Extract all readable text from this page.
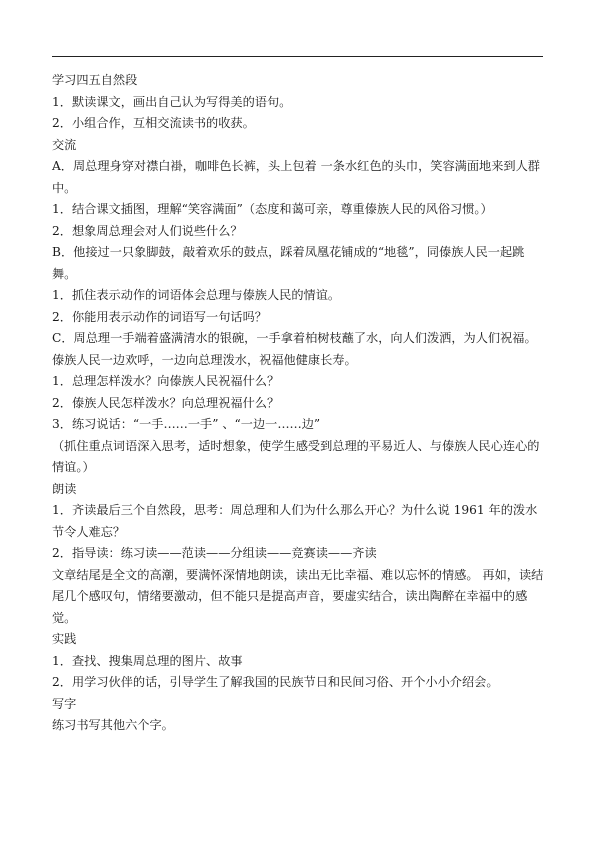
学习四五自然段

1．默读课文，画出自己认为写得美的语句。

2．小组合作，互相交流读书的收获。

交流

A．周总理身穿对襟白褂，咖啡色长裤，头上包着 一条水红色的头巾，笑容满面地来到人群中。

1．结合课文插图，理解“笑容满面”（态度和蔼可亲，尊重傣族人民的风俗习惯。）

2．想象周总理会对人们说些什么？

B．他接过一只象脚鼓，敲着欢乐的鼓点，踩着凤凰花铺成的“地毯”，同傣族人民一起跳舞。

1．抓住表示动作的词语体会总理与傣族人民的情谊。

2．你能用表示动作的词语写一句话吗？

C．周总理一手端着盛满清水的银碗，一手拿着柏树枝蘸了水，向人们泼洒，为人们祝福。傣族人民一边欢呼，一边向总理泼水，祝福他健康长寿。

1．总理怎样泼水？向傣族人民祝福什么？

2．傣族人民怎样泼水？向总理祝福什么？

3．练习说话：“一手……一手” 、“一边一……边”

（抓住重点词语深入思考，适时想象，使学生感受到总理的平易近人、与傣族人民心连心的情谊。）

朗读

1．齐读最后三个自然段，思考：周总理和人们为什么那么开心？为什么说 1961 年的泼水节令人难忘？

2．指导读：练习读——范读——分组读——竞赛读——齐读

文章结尾是全文的高潮，要满怀深情地朗读，读出无比幸福、难以忘怀的情感。 再如，读结尾几个感叹句，情绪要激动，但不能只是提高声音，要虚实结合，读出陶醉在幸福中的感觉。

实践

1．查找、搜集周总理的图片、故事

2．用学习伙伴的话，引导学生了解我国的民族节日和民间习俗、开个小小介绍会。

写字

练习书写其他六个字。
